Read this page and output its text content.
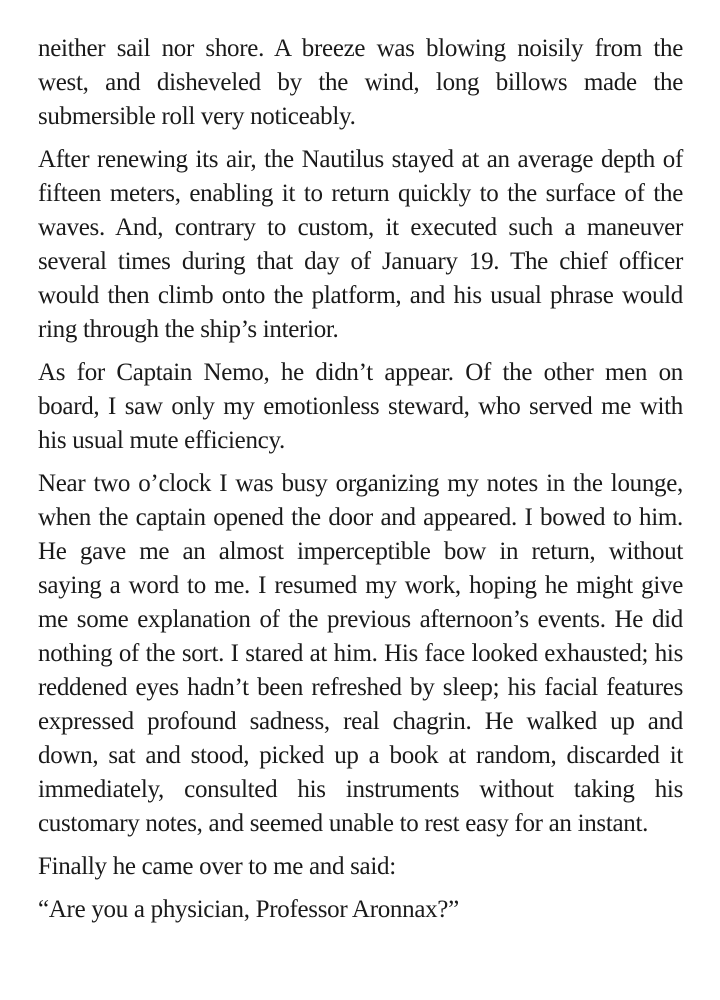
neither sail nor shore. A breeze was blowing noisily from the west, and disheveled by the wind, long billows made the submersible roll very noticeably.

After renewing its air, the Nautilus stayed at an average depth of fifteen meters, enabling it to return quickly to the surface of the waves. And, contrary to custom, it executed such a maneuver several times during that day of January 19. The chief officer would then climb onto the platform, and his usual phrase would ring through the ship’s interior.

As for Captain Nemo, he didn’t appear. Of the other men on board, I saw only my emotionless steward, who served me with his usual mute efficiency.

Near two o’clock I was busy organizing my notes in the lounge, when the captain opened the door and appeared. I bowed to him. He gave me an almost imperceptible bow in return, without saying a word to me. I resumed my work, hoping he might give me some explanation of the previous afternoon’s events. He did nothing of the sort. I stared at him. His face looked exhausted; his reddened eyes hadn’t been refreshed by sleep; his facial features expressed profound sadness, real chagrin. He walked up and down, sat and stood, picked up a book at random, discarded it immediately, consulted his instruments without taking his customary notes, and seemed unable to rest easy for an instant.

Finally he came over to me and said:

“Are you a physician, Professor Aronnax?”
